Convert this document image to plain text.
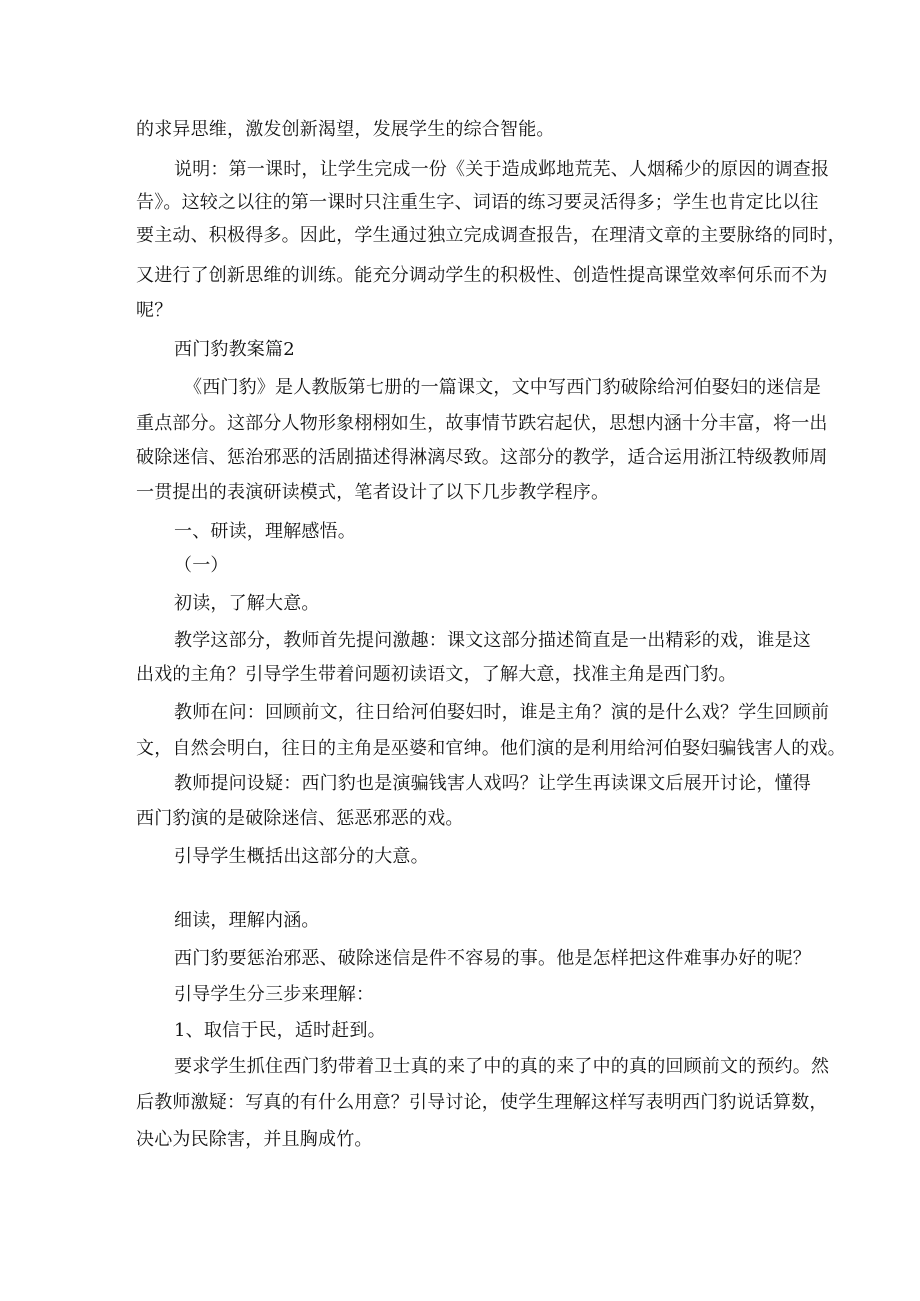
的求异思维，激发创新渴望，发展学生的综合智能。

说明：第一课时，让学生完成一份《关于造成邺地荒芜、人烟稀少的原因的调查报

告》。这较之以往的第一课时只注重生字、词语的练习要灵活得多；学生也肯定比以往

要主动、积极得多。因此，学生通过独立完成调查报告，在理清文章的主要脉络的同时，

又进行了创新思维的训练。能充分调动学生的积极性、创造性提高课堂效率何乐而不为

呢？

西门豹教案篇2

《西门豹》是人教版第七册的一篇课文，文中写西门豹破除给河伯娶妇的迷信是

重点部分。这部分人物形象栩栩如生，故事情节跌宕起伏，思想内涵十分丰富，将一出

破除迷信、惩治邪恶的活剧描述得淋漓尽致。这部分的教学，适合运用浙江特级教师周

一贯提出的表演研读模式，笔者设计了以下几步教学程序。

一、研读，理解感悟。

（一）

初读，了解大意。

教学这部分，教师首先提问激趣：课文这部分描述简直是一出精彩的戏，谁是这

出戏的主角？引导学生带着问题初读语文，了解大意，找准主角是西门豹。

教师在问：回顾前文，往日给河伯娶妇时，谁是主角？演的是什么戏？学生回顾前

文，自然会明白，往日的主角是巫婆和官绅。他们演的是利用给河伯娶妇骗钱害人的戏。

教师提问设疑：西门豹也是演骗钱害人戏吗？让学生再读课文后展开讨论，懂得

西门豹演的是破除迷信、惩恶邪恶的戏。

引导学生概括出这部分的大意。

细读，理解内涵。

西门豹要惩治邪恶、破除迷信是件不容易的事。他是怎样把这件难事办好的呢？

引导学生分三步来理解：

1、取信于民，适时赶到。

要求学生抓住西门豹带着卫士真的来了中的真的来了中的真的回顾前文的预约。然

后教师激疑：写真的有什么用意？引导讨论，使学生理解这样写表明西门豹说话算数，

决心为民除害，并且胸成竹。
